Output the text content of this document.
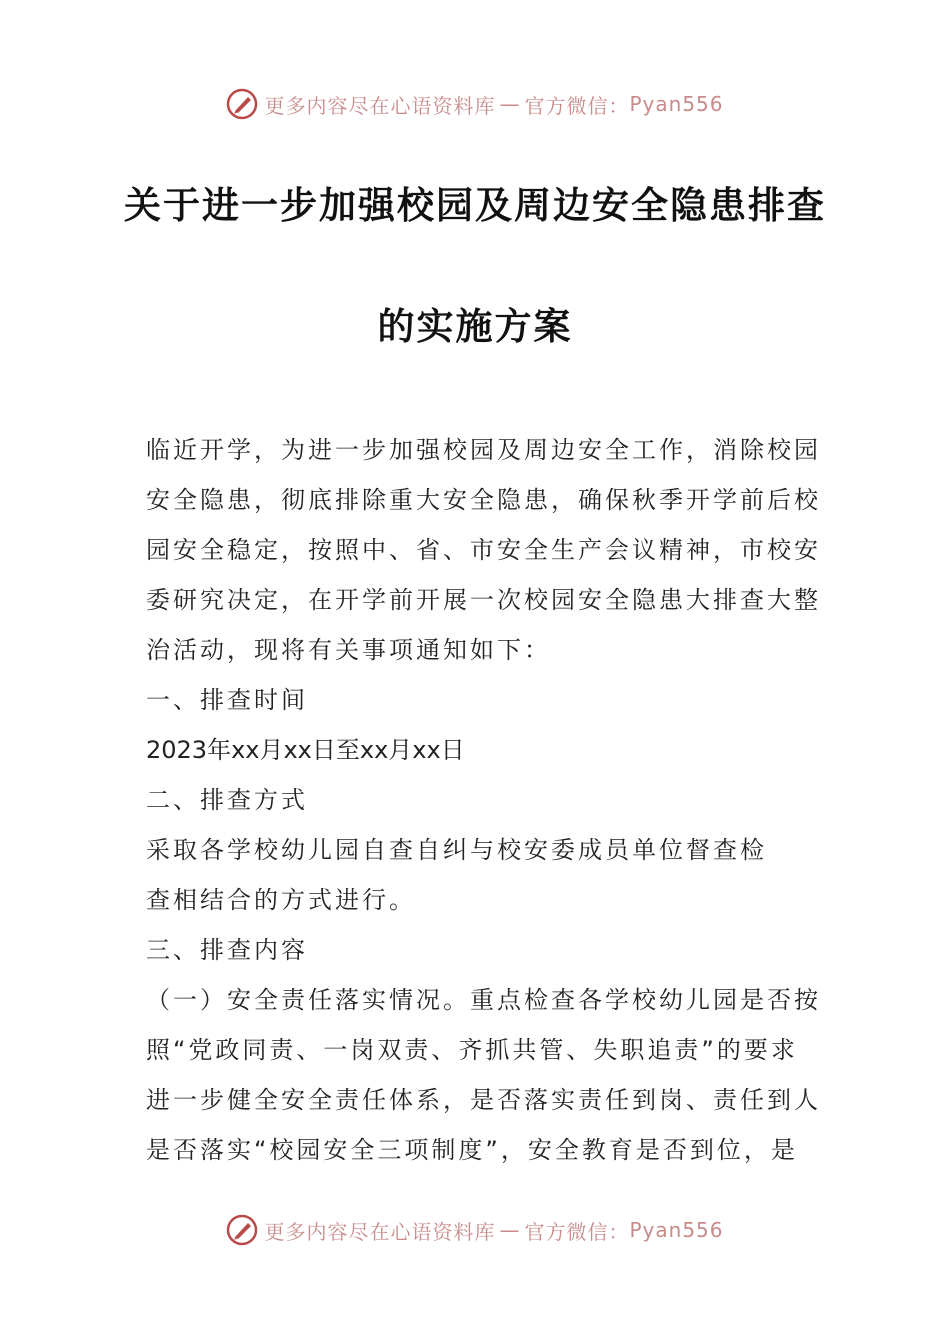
更多内容尽在心语资料库 — 官方微信： Pyan556
关于进一步加强校园及周边安全隐患排查
的实施方案
临近开学，为进一步加强校园及周边安全工作，消除校园
安全隐患，彻底排除重大安全隐患，确保秋季开学前后校
园安全稳定，按照中、省、市安全生产会议精神，市校安
委研究决定，在开学前开展一次校园安全隐患大排查大整
治活动，现将有关事项通知如下：
一、排查时间
2023年xx月xx日至xx月xx日
二、排查方式
采取各学校幼儿园自查自纠与校安委成员单位督查检
查相结合的方式进行。
三、排查内容
（一）安全责任落实情况。重点检查各学校幼儿园是否按
照“党政同责、一岗双责、齐抓共管、失职追责”的要求
进一步健全安全责任体系，是否落实责任到岗、责任到人
是否落实“校园安全三项制度”，安全教育是否到位，是
更多内容尽在心语资料库 — 官方微信： Pyan556
